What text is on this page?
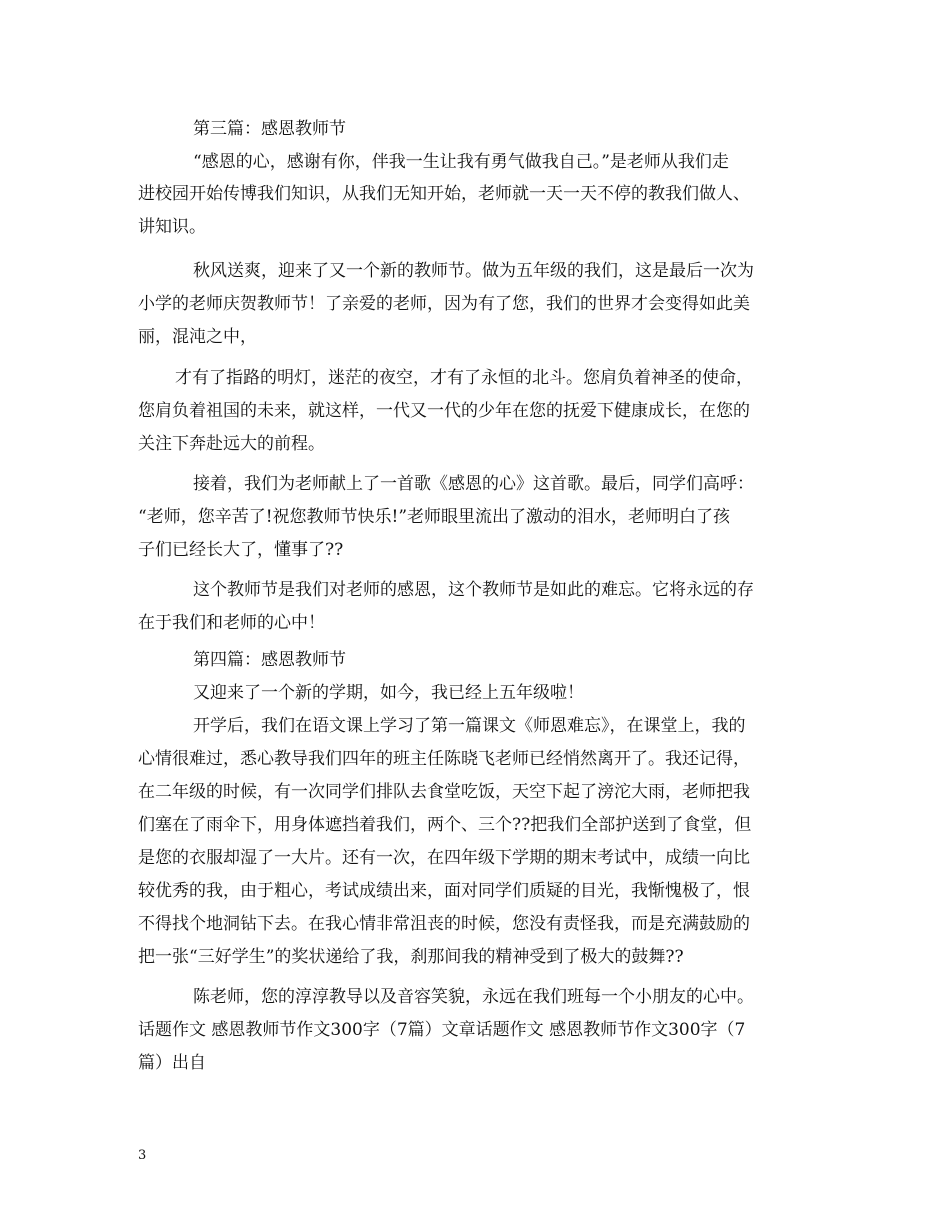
第三篇：感恩教师节
“感恩的心，感谢有你，伴我一生让我有勇气做我自己。”是老师从我们走
进校园开始传博我们知识，从我们无知开始，老师就一天一天不停的教我们做人、
讲知识。
秋风送爽，迎来了又一个新的教师节。做为五年级的我们，这是最后一次为
小学的老师庆贺教师节！了亲爱的老师，因为有了您，我们的世界才会变得如此美
丽，混沌之中，
才有了指路的明灯，迷茫的夜空，才有了永恒的北斗。您肩负着神圣的使命，
您肩负着祖国的未来，就这样，一代又一代的少年在您的抚爱下健康成长，在您的
关注下奔赴远大的前程。
接着，我们为老师献上了一首歌《感恩的心》这首歌。最后，同学们高呼：
“老师，您辛苦了!祝您教师节快乐!”老师眼里流出了激动的泪水，老师明白了孩
子们已经长大了，懂事了??
这个教师节是我们对老师的感恩，这个教师节是如此的难忘。它将永远的存
在于我们和老师的心中！
第四篇：感恩教师节
又迎来了一个新的学期，如今，我已经上五年级啦！
开学后，我们在语文课上学习了第一篇课文《师恩难忘》，在课堂上，我的
心情很难过，悉心教导我们四年的班主任陈晓飞老师已经悄然离开了。我还记得，
在二年级的时候，有一次同学们排队去食堂吃饭，天空下起了滂沱大雨，老师把我
们塞在了雨伞下，用身体遮挡着我们，两个、三个??把我们全部护送到了食堂，但
是您的衣服却湿了一大片。还有一次，在四年级下学期的期末考试中，成绩一向比
较优秀的我，由于粗心，考试成绩出来，面对同学们质疑的目光，我惭愧极了，恨
不得找个地洞钻下去。在我心情非常沮丧的时候，您没有责怪我，而是充满鼓励的
把一张“三好学生”的奖状递给了我，刹那间我的精神受到了极大的鼓舞??
陈老师，您的淳淳教导以及音容笑貌，永远在我们班每一个小朋友的心中。
话题作文 感恩教师节作文300字（7篇）文章话题作文 感恩教师节作文300字（7
篇）出自
3
